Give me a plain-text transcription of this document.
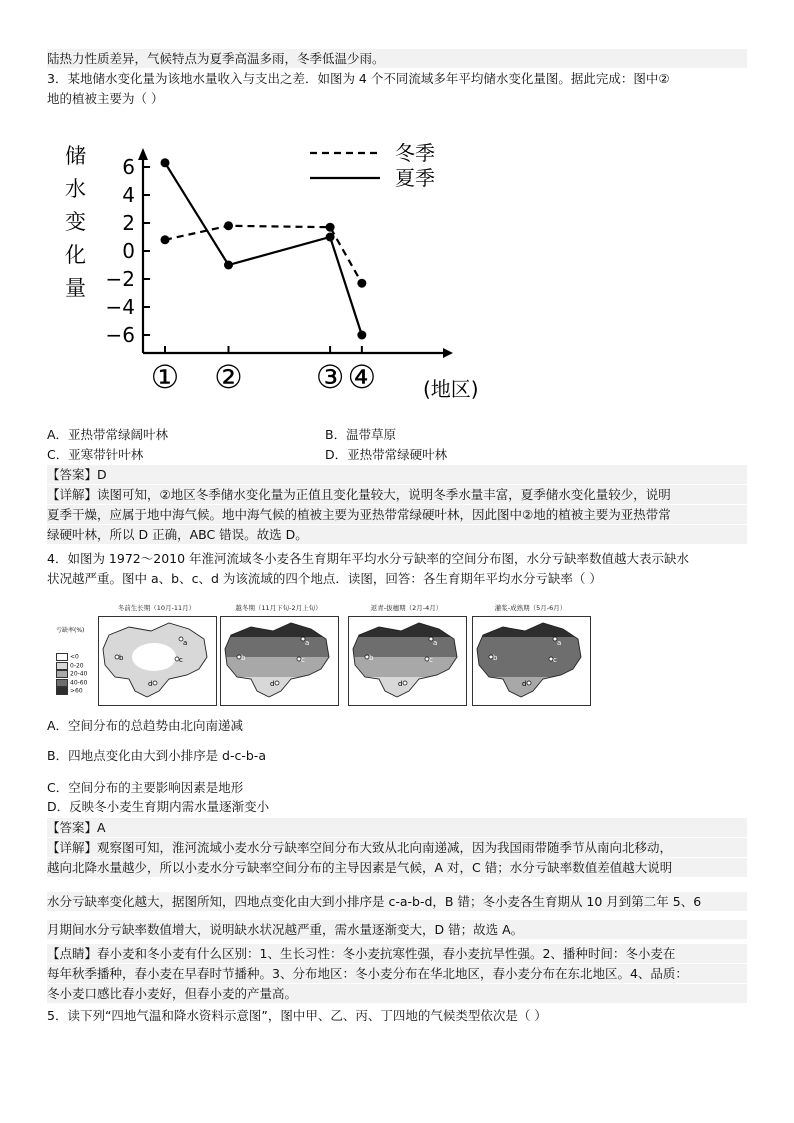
陆热力性质差异，气候特点为夏季高温多雨，冬季低温少雨。
3．某地储水变化量为该地水量收入与支出之差．如图为 4 个不同流域多年平均储水变化量图。据此完成：图中②
地的植被主要为（ ）
储
水
变
化
量
6
4
2
0
−2
−4
−6
① ② ③ ④
冬季
夏季
(地区)
A．亚热带常绿阔叶林	B．温带草原
C．亚寒带针叶林	D．亚热带常绿硬叶林
【答案】D
【详解】读图可知，②地区冬季储水变化量为正值且变化量较大，说明冬季水量丰富，夏季储水变化量较少，说明
夏季干燥，应属于地中海气候。地中海气候的植被主要为亚热带常绿硬叶林，因此图中②地的植被主要为亚热带常
绿硬叶林，所以 D 正确，ABC 错误。故选 D。
4．如图为 1972～2010 年淮河流域冬小麦各生育期年平均水分亏缺率的空间分布图，水分亏缺率数值越大表示缺水
状况越严重。图中 a、b、c、d 为该流域的四个地点．读图，回答：各生育期年平均水分亏缺率（ ）
亏缺率(%)
<0
0-20
20-40
40-60
>60
冬前生长期（10月-11月）
a
b	c
d
越冬期（11月下旬-2月上旬）
a
b	c
d
返青-拔穗期（2月-4月）
a
b	c
d
灌浆-成熟期（5月-6月）
a
b	c
d
A．空间分布的总趋势由北向南递减
B．四地点变化由大到小排序是 d-c-b-a
C．空间分布的主要影响因素是地形
D．反映冬小麦生育期内需水量逐渐变小
【答案】A
【详解】观察图可知，淮河流域小麦水分亏缺率空间分布大致从北向南递减，因为我国雨带随季节从南向北移动，
越向北降水量越少，所以小麦水分亏缺率空间分布的主导因素是气候，A 对，C 错；水分亏缺率数值差值越大说明
水分亏缺率变化越大，据图所知，四地点变化由大到小排序是 c-a-b-d，B 错；冬小麦各生育期从 10 月到第二年 5、6
月期间水分亏缺率数值增大，说明缺水状况越严重，需水量逐渐变大，D 错；故选 A。
【点睛】春小麦和冬小麦有什么区别：1、生长习性：冬小麦抗寒性强，春小麦抗旱性强。2、播种时间：冬小麦在
每年秋季播种，春小麦在早春时节播种。3、分布地区：冬小麦分布在华北地区，春小麦分布在东北地区。4、品质：
冬小麦口感比春小麦好，但春小麦的产量高。
5．读下列“四地气温和降水资料示意图”，图中甲、乙、丙、丁四地的气候类型依次是（ ）
